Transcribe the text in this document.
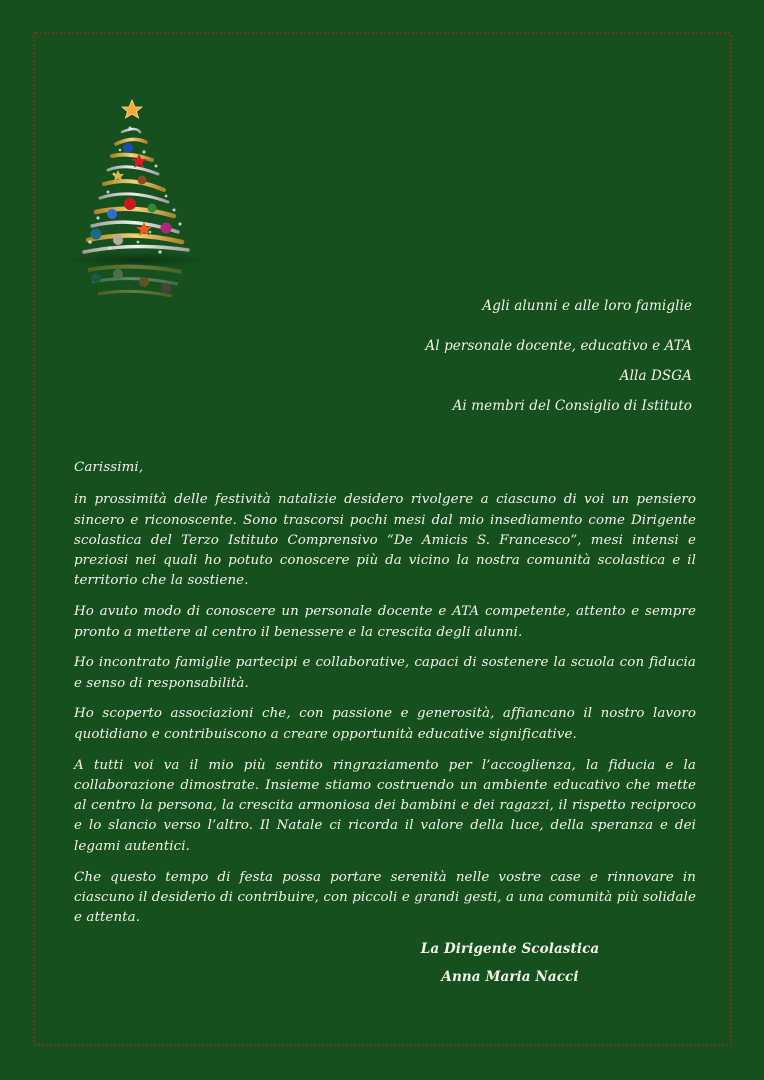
Agli alunni e alle loro famiglie
Al personale docente, educativo e ATA
Alla DSGA
Ai membri del Consiglio di Istituto

Carissimi,

in prossimità delle festività natalizie desidero rivolgere a ciascuno di voi un pensiero sincero e riconoscente. Sono trascorsi pochi mesi dal mio insediamento come Dirigente scolastica del Terzo Istituto Comprensivo “De Amicis S. Francesco”, mesi intensi e preziosi nei quali ho potuto conoscere più da vicino la nostra comunità scolastica e il territorio che la sostiene.

Ho avuto modo di conoscere un personale docente e ATA competente, attento e sempre pronto a mettere al centro il benessere e la crescita degli alunni.

Ho incontrato famiglie partecipi e collaborative, capaci di sostenere la scuola con fiducia e senso di responsabilità.

Ho scoperto associazioni che, con passione e generosità, affiancano il nostro lavoro quotidiano e contribuiscono a creare opportunità educative significative.

A tutti voi va il mio più sentito ringraziamento per l’accoglienza, la fiducia e la collaborazione dimostrate. Insieme stiamo costruendo un ambiente educativo che mette al centro la persona, la crescita armoniosa dei bambini e dei ragazzi, il rispetto reciproco e lo slancio verso l’altro. Il Natale ci ricorda il valore della luce, della speranza e dei legami autentici.

Che questo tempo di festa possa portare serenità nelle vostre case e rinnovare in ciascuno il desiderio di contribuire, con piccoli e grandi gesti, a una comunità più solidale e attenta.

La Dirigente Scolastica
Anna Maria Nacci
